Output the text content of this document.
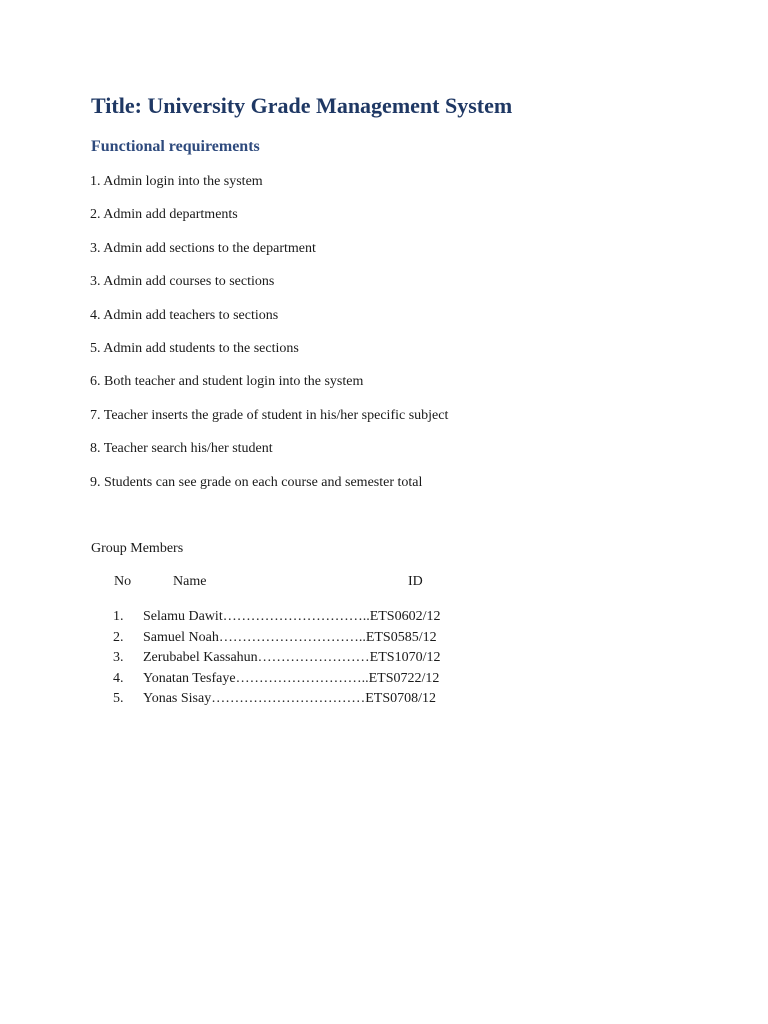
Title: University Grade Management System
Functional requirements
1. Admin login into the system
2. Admin add departments
3. Admin add sections to the department
3. Admin add courses to sections
4. Admin add teachers to sections
5. Admin add students to the sections
6. Both teacher and student login into the system
7. Teacher inserts the grade of student in his/her specific subject
8. Teacher search his/her student
9. Students can see grade on each course and semester total
Group Members
No	Name	ID
1. Selamu Dawit…………………………..ETS0602/12
2. Samuel Noah…………………………..ETS0585/12
3. Zerubabel Kassahun……………………ETS1070/12
4. Yonatan Tesfaye………………………..ETS0722/12
5. Yonas Sisay……………………………ETS0708/12
